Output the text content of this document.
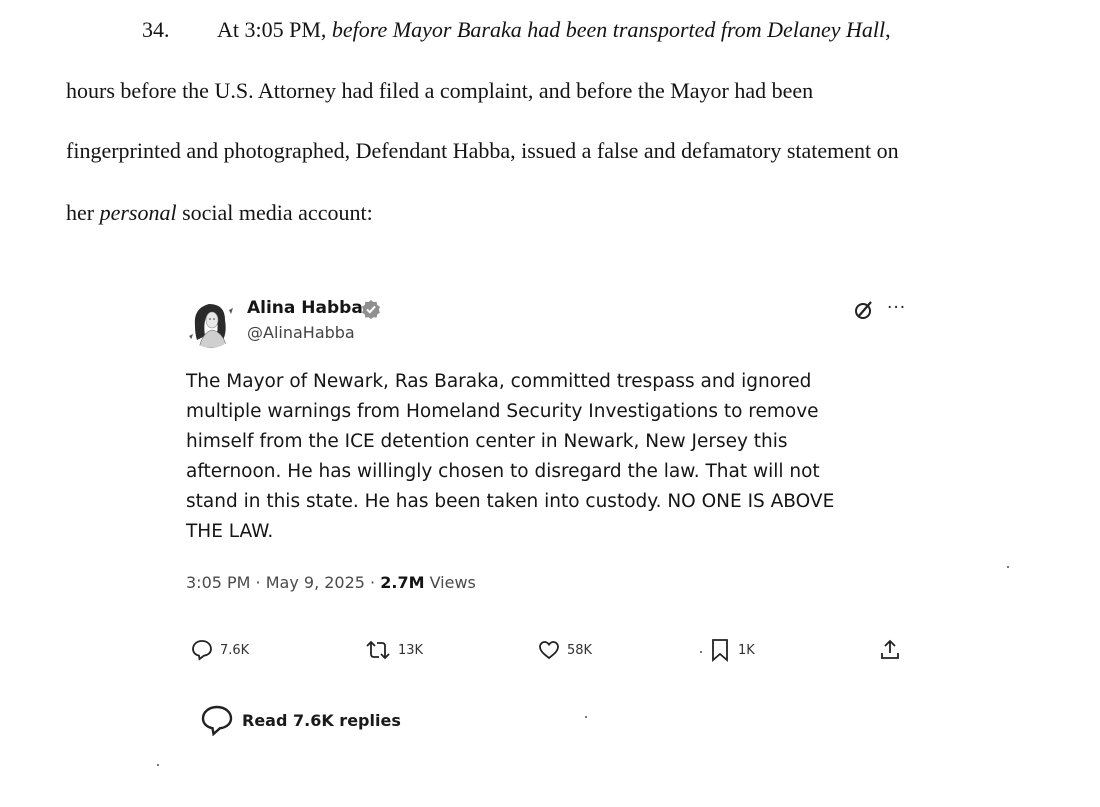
34. At 3:05 PM, before Mayor Baraka had been transported from Delaney Hall,
hours before the U.S. Attorney had filed a complaint, and before the Mayor had been
fingerprinted and photographed, Defendant Habba, issued a false and defamatory statement on
her personal social media account:
Alina Habba
@AlinaHabba
···
The Mayor of Newark, Ras Baraka, committed trespass and ignored
multiple warnings from Homeland Security Investigations to remove
himself from the ICE detention center in Newark, New Jersey this
afternoon. He has willingly chosen to disregard the law. That will not
stand in this state. He has been taken into custody. NO ONE IS ABOVE
THE LAW.
3:05 PM · May 9, 2025 · 2.7M Views
7.6K	13K	58K	1K
Read 7.6K replies
